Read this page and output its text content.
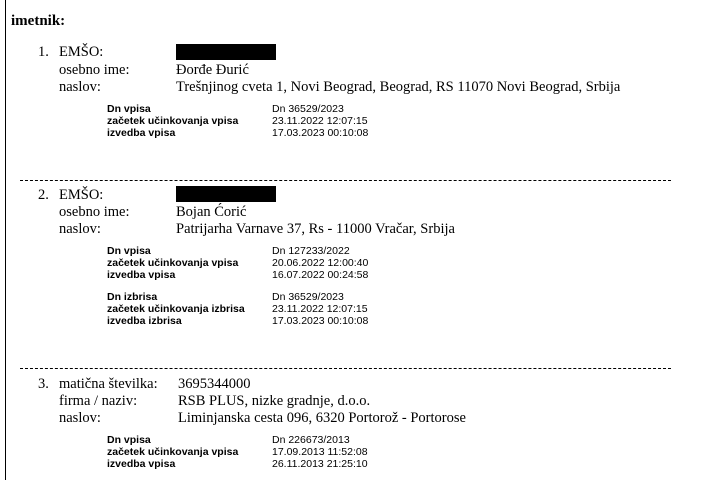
imetnik:
1. EMŠO:
osebno ime:	Đorđe Đurić
naslov:	Trešnjinog cveta 1, Novi Beograd, Beograd, RS 11070 Novi Beograd, Srbija
Dn vpisa	Dn 36529/2023
začetek učinkovanja vpisa	23.11.2022 12:07:15
izvedba vpisa	17.03.2023 00:10:08
2. EMŠO:
osebno ime:	Bojan Ćorić
naslov:	Patrijarha Varnave 37, Rs - 11000 Vračar, Srbija
Dn vpisa	Dn 127233/2022
začetek učinkovanja vpisa	20.06.2022 12:00:40
izvedba vpisa	16.07.2022 00:24:58
Dn izbrisa	Dn 36529/2023
začetek učinkovanja izbrisa	23.11.2022 12:07:15
izvedba izbrisa	17.03.2023 00:10:08
3. matična številka: 3695344000
firma / naziv:	RSB PLUS, nizke gradnje, d.o.o.
naslov:	Liminjanska cesta 096, 6320 Portorož - Portorose
Dn vpisa	Dn 226673/2013
začetek učinkovanja vpisa	17.09.2013 11:52:08
izvedba vpisa	26.11.2013 21:25:10
